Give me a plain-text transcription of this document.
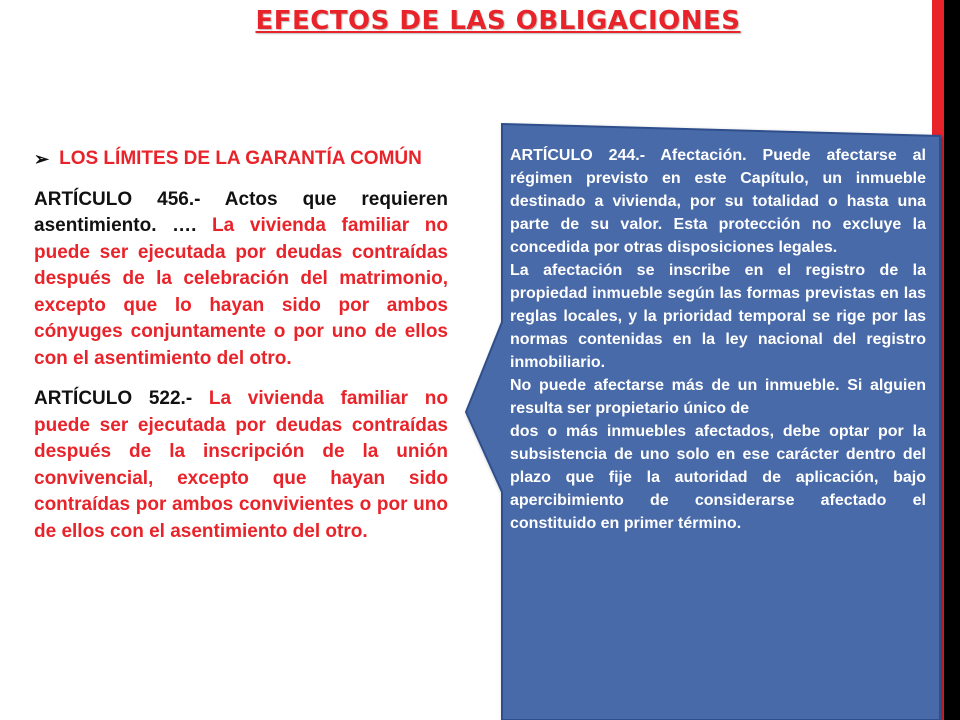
EFECTOS DE LAS OBLIGACIONES

➢ LOS LÍMITES DE LA GARANTÍA COMÚN

ARTÍCULO 456.- Actos que requieren asentimiento. …. La vivienda familiar no puede ser ejecutada por deudas contraídas después de la celebración del matrimonio, excepto que lo hayan sido por ambos cónyuges conjuntamente o por uno de ellos con el asentimiento del otro.

ARTÍCULO 522.- La vivienda familiar no puede ser ejecutada por deudas contraídas después de la inscripción de la unión convivencial, excepto que hayan sido contraídas por ambos convivientes o por uno de ellos con el asentimiento del otro.

ARTÍCULO 244.- Afectación. Puede afectarse al régimen previsto en este Capítulo, un inmueble destinado a vivienda, por su totalidad o hasta una parte de su valor. Esta protección no excluye la concedida por otras disposiciones legales.

La afectación se inscribe en el registro de la propiedad inmueble según las formas previstas en las reglas locales, y la prioridad temporal se rige por las normas contenidas en la ley nacional del registro inmobiliario.

No puede afectarse más de un inmueble. Si alguien resulta ser propietario único de

dos o más inmuebles afectados, debe optar por la subsistencia de uno solo en ese carácter dentro del plazo que fije la autoridad de aplicación, bajo apercibimiento de considerarse afectado el constituido en primer término.
